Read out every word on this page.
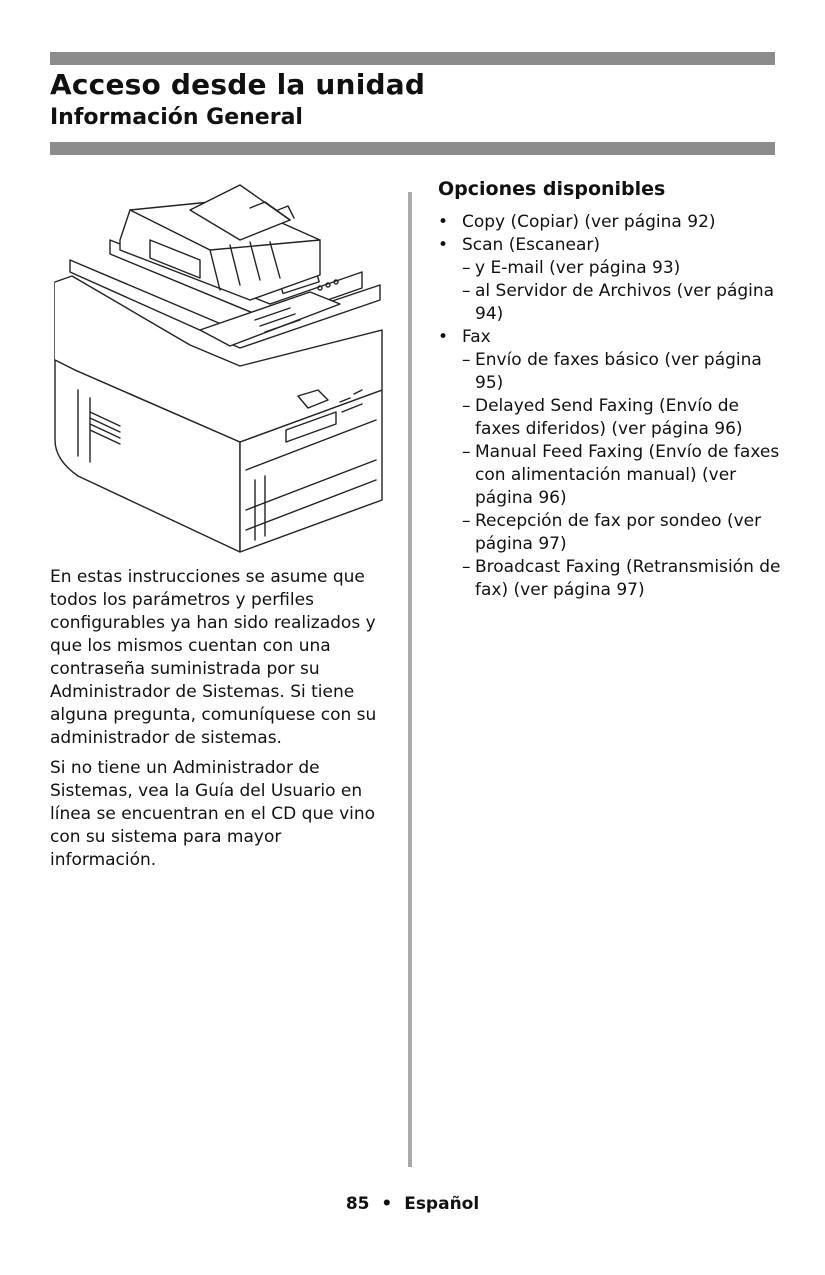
Acceso desde la unidad
Información General

En estas instrucciones se asume que todos los parámetros y perfiles configurables ya han sido realizados y que los mismos cuentan con una contraseña suministrada por su Administrador de Sistemas. Si tiene alguna pregunta, comuníquese con su administrador de sistemas.

Si no tiene un Administrador de Sistemas, vea la Guía del Usuario en línea se encuentran en el CD que vino con su sistema para mayor información.

Opciones disponibles
• Copy (Copiar) (ver página 92)
• Scan (Escanear)
– y E-mail (ver página 93)
– al Servidor de Archivos (ver página 94)
• Fax
– Envío de faxes básico (ver página 95)
– Delayed Send Faxing (Envío de faxes diferidos) (ver página 96)
– Manual Feed Faxing (Envío de faxes con alimentación manual) (ver página 96)
– Recepción de fax por sondeo (ver página 97)
– Broadcast Faxing (Retransmisión de fax) (ver página 97)
85 • Español
